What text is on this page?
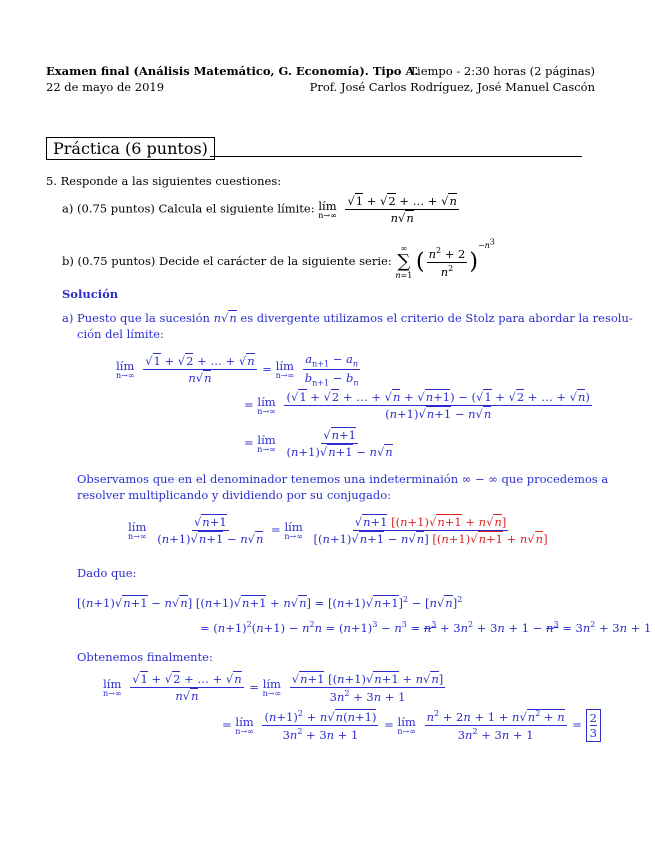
Examen final (Análisis Matemático, G. Economía). Tipo A.
Tiempo - 2:30 horas (2 páginas)
22 de mayo de 2019	Prof. José Carlos Rodríguez, José Manuel Cascón
Práctica (6 puntos)
5. Responde a las siguientes cuestiones:
a) (0.75 puntos) Calcula el siguiente límite: lím
n→∞
$\frac{√1 + √2 + \dots + √n}{n√n}$
b) (0.75 puntos) Decide el carácter de la siguiente serie:
∞
∑
n=1
( $\frac{n^2 + 2}{n^2} )^{-n^3}$
Solución
a) Puesto que la sucesión n√n es divergente utilizamos el criterio de Stolz para abordar la resolu-
ción del límite:
lím
n→∞
$\frac{√1 + √2 + \dots + √n}{n√n}$ = lím
n→∞
$\frac{a_{n+1} - a_n}{b_{n+1} - b_n}$
= lím
n→∞
$\frac{(√1 + √2 + \dots + √n + √n+1) - (√1 + √2 + \dots + √n)}{(n+1)√n+1 - n√n}$
= lím
n→∞
$\frac{√n+1}{(n+1)√n+1 - n√n}$
Observamos que en el denominador tenemos una indeterminaión ∞ − ∞ que procedemos a
resolver multiplicando y dividiendo por su conjugado:
lím
n→∞
$\frac{√n+1}{(n+1)√n+1 - n√n}$ = lím
n→∞
$\frac{√n+1 [(n+1)√n+1 + n√n]}{[(n+1)√n+1 - n√n] [(n+1)√n+1 + n√n]}$
Dado que:
[(n+1)√n+1 − n√n] $[(n+1)√n+1 + n√n] = [(n+1)√n+1]^2 - [n√n]^2$
= $(n+1)^2(n+1) - n^2n = (n+1)^3 - n^3 = n^3 + 3n^2 + 3n + 1 - n^3 = 3n^2 + 3n + 1$
Obtenemos finalmente:
lím
n→∞
$\frac{√1 + √2 + \dots + √n}{n√n}$ = lím
n→∞
$\frac{√n+1 [(n+1)√n+1 + n√n]}{3n^2 + 3n + 1}$
= lím
n→∞
$\frac{(n+1)^2 + n√n(n+1)}{3n^2 + 3n + 1}$ = lím
n→∞
$\frac{n^2 + 2n + 1 + n√n^2 + n}{3n^2 + 3n + 1} = \frac{2}{3}$
